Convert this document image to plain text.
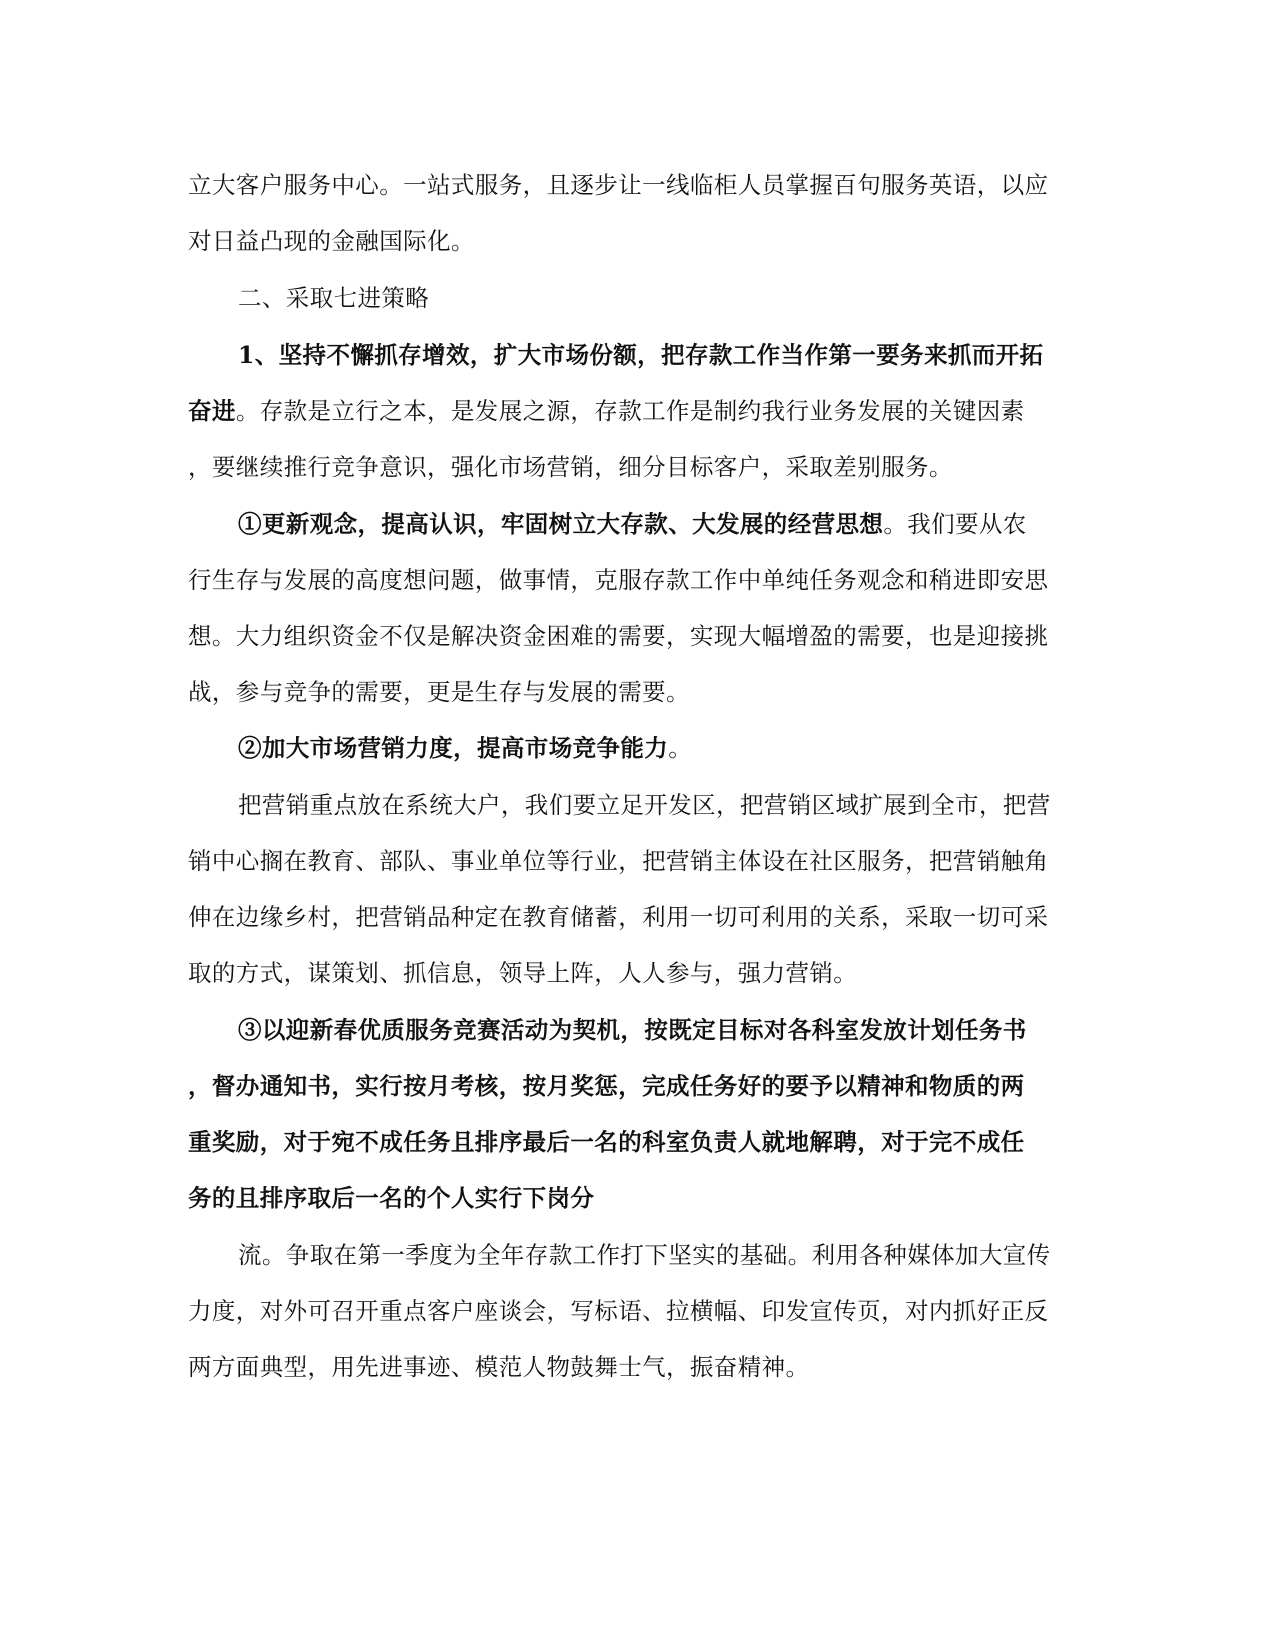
立大客户服务中心。一站式服务，且逐步让一线临柜人员掌握百句服务英语，以应
对日益凸现的金融国际化。
二、采取七进策略
1、坚持不懈抓存增效，扩大市场份额，把存款工作当作第一要务来抓而开拓
奋进。存款是立行之本，是发展之源，存款工作是制约我行业务发展的关键因素
，要继续推行竞争意识，强化市场营销，细分目标客户，采取差别服务。
①更新观念，提高认识，牢固树立大存款、大发展的经营思想。我们要从农
行生存与发展的高度想问题，做事情，克服存款工作中单纯任务观念和稍进即安思
想。大力组织资金不仅是解决资金困难的需要，实现大幅增盈的需要，也是迎接挑
战，参与竞争的需要，更是生存与发展的需要。
②加大市场营销力度，提高市场竞争能力。
把营销重点放在系统大户，我们要立足开发区，把营销区域扩展到全市，把营
销中心搁在教育、部队、事业单位等行业，把营销主体设在社区服务，把营销触角
伸在边缘乡村，把营销品种定在教育储蓄，利用一切可利用的关系，采取一切可采
取的方式，谋策划、抓信息，领导上阵，人人参与，强力营销。
③以迎新春优质服务竞赛活动为契机，按既定目标对各科室发放计划任务书
，督办通知书，实行按月考核，按月奖惩，完成任务好的要予以精神和物质的两
重奖励，对于宛不成任务且排序最后一名的科室负责人就地解聘，对于完不成任
务的且排序取后一名的个人实行下岗分
流。争取在第一季度为全年存款工作打下坚实的基础。利用各种媒体加大宣传
力度，对外可召开重点客户座谈会，写标语、拉横幅、印发宣传页，对内抓好正反
两方面典型，用先进事迹、模范人物鼓舞士气，振奋精神。
